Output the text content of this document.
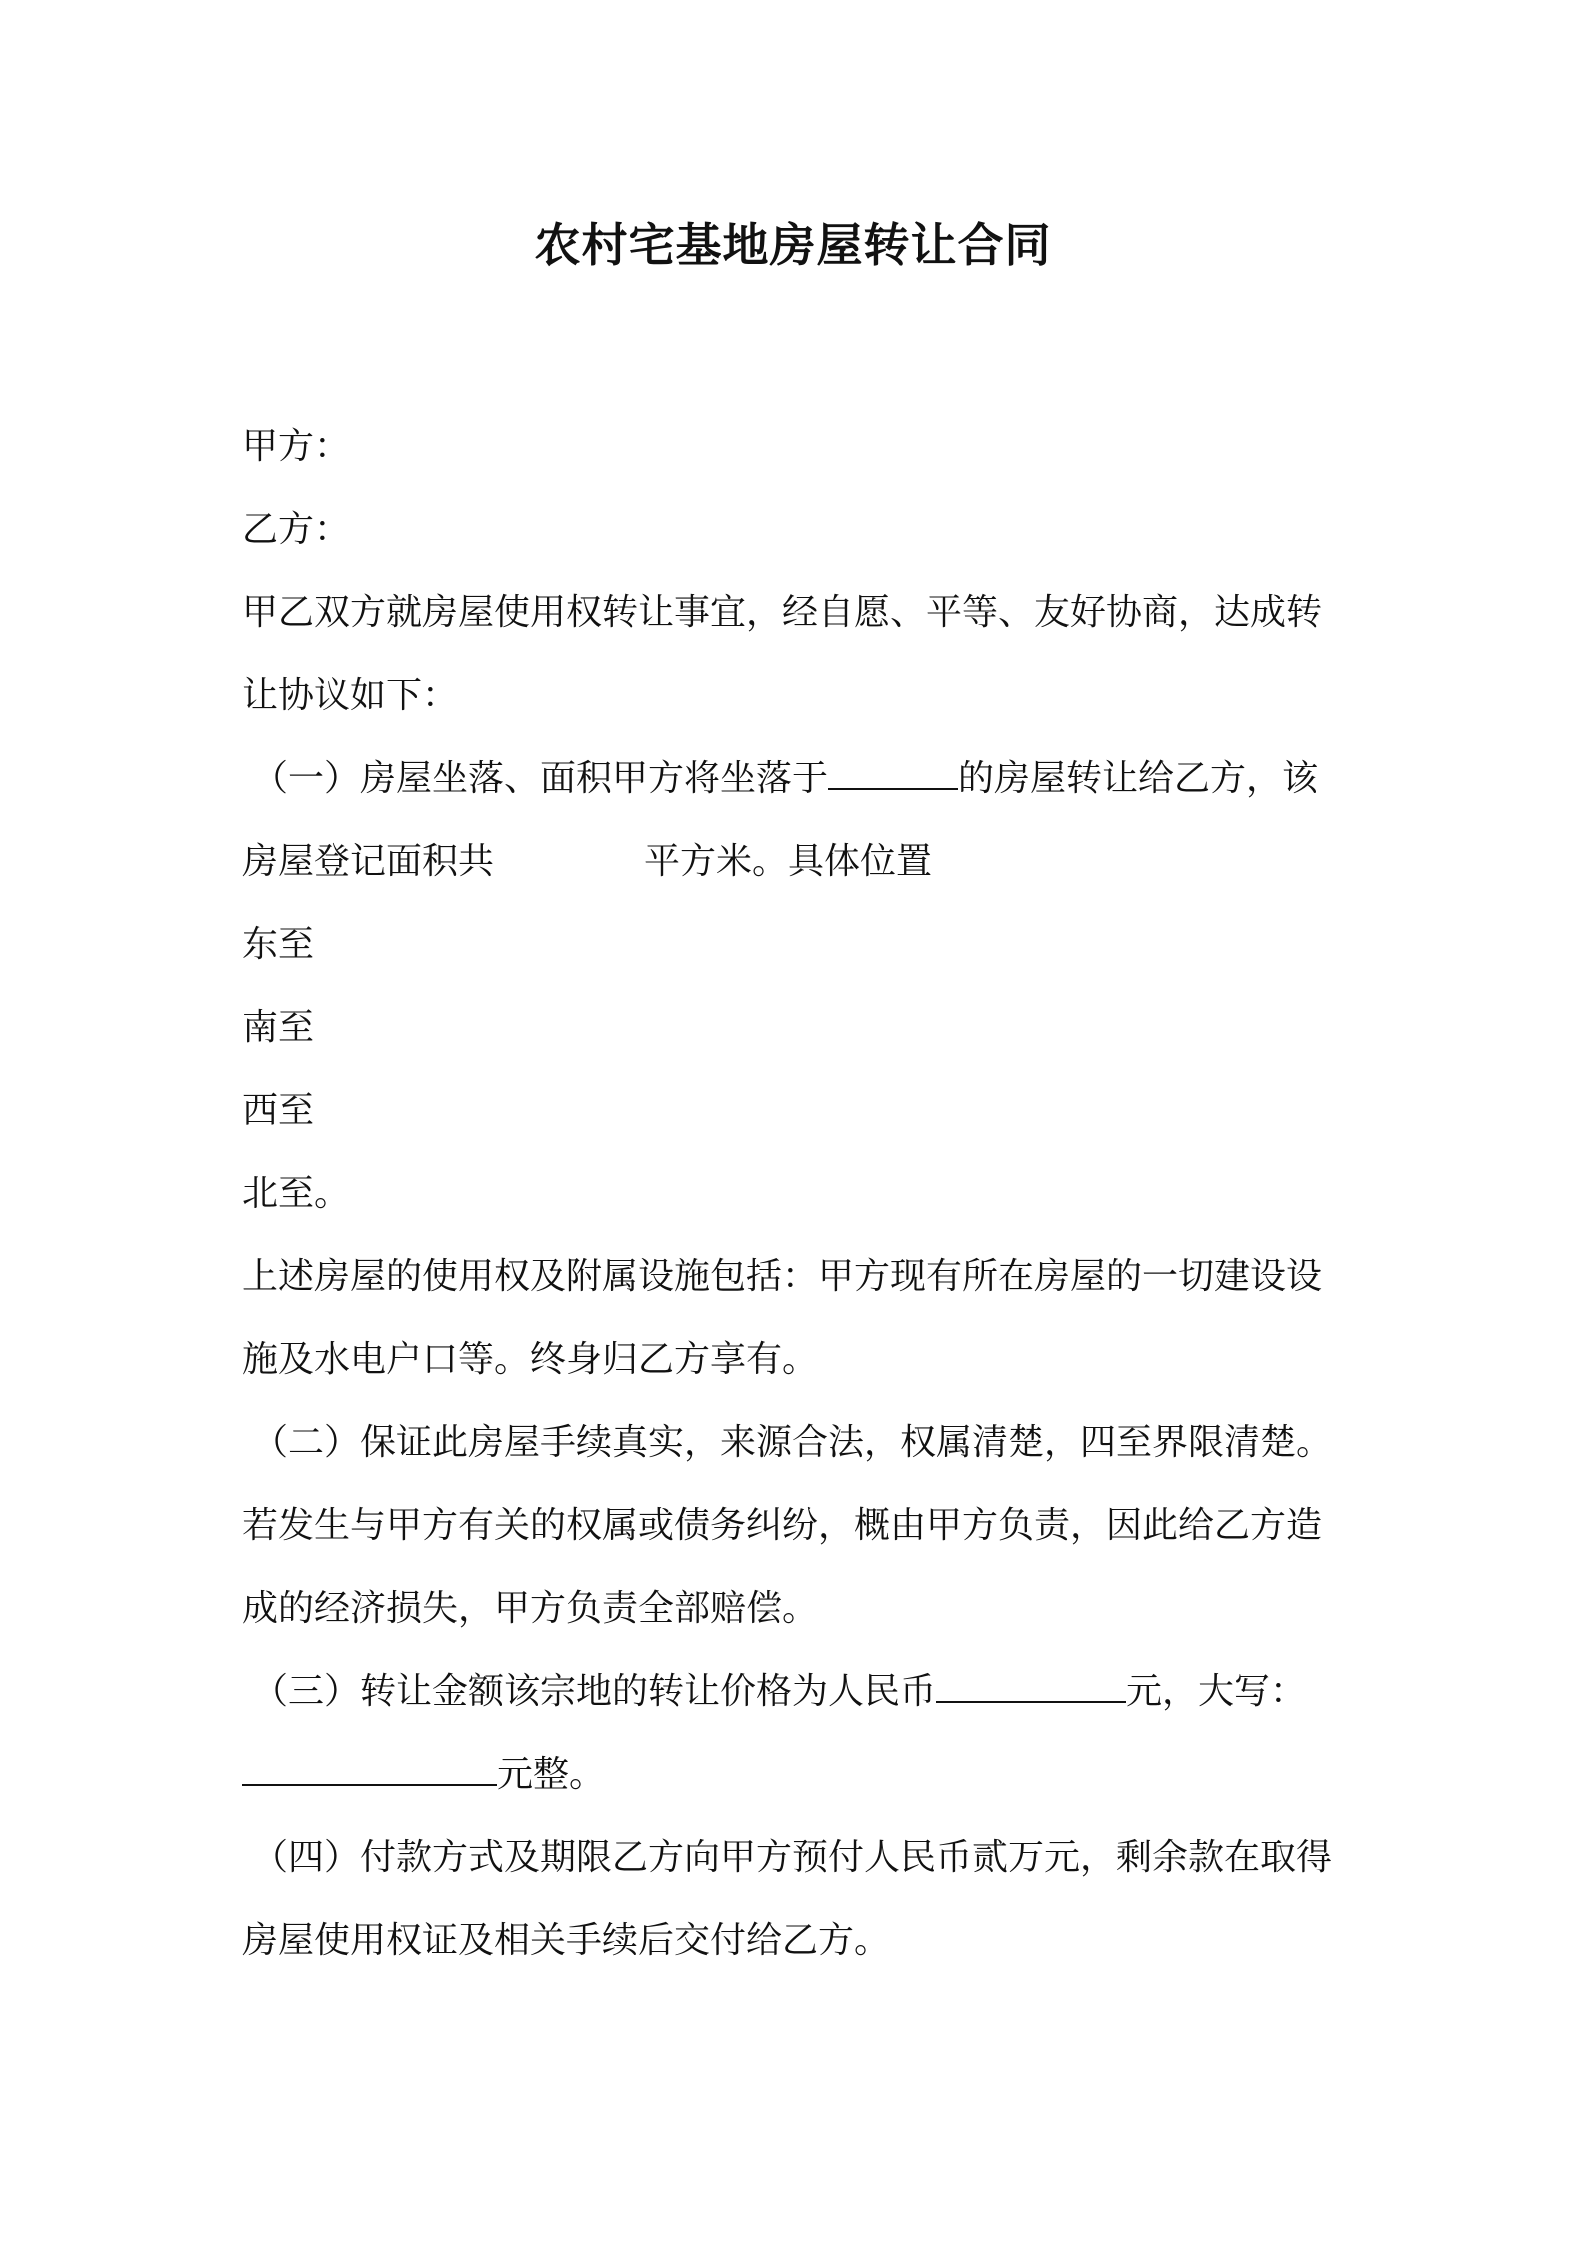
农村宅基地房屋转让合同
甲方：
乙方：
甲乙双方就房屋使用权转让事宜，经自愿、平等、友好协商，达成转
让协议如下：
（一）房屋坐落、面积甲方将坐落于	的房屋转让给乙方，该
房屋登记面积共	平方米。具体位置
东至
南至
西至
北至。
上述房屋的使用权及附属设施包括：甲方现有所在房屋的一切建设设
施及水电户口等。终身归乙方享有。
（二）保证此房屋手续真实，来源合法，权属清楚，四至界限清楚。
若发生与甲方有关的权属或债务纠纷，概由甲方负责，因此给乙方造
成的经济损失，甲方负责全部赔偿。
（三）转让金额该宗地的转让价格为人民币	元，大写：
元整。
（四）付款方式及期限乙方向甲方预付人民币贰万元，剩余款在取得
房屋使用权证及相关手续后交付给乙方。
